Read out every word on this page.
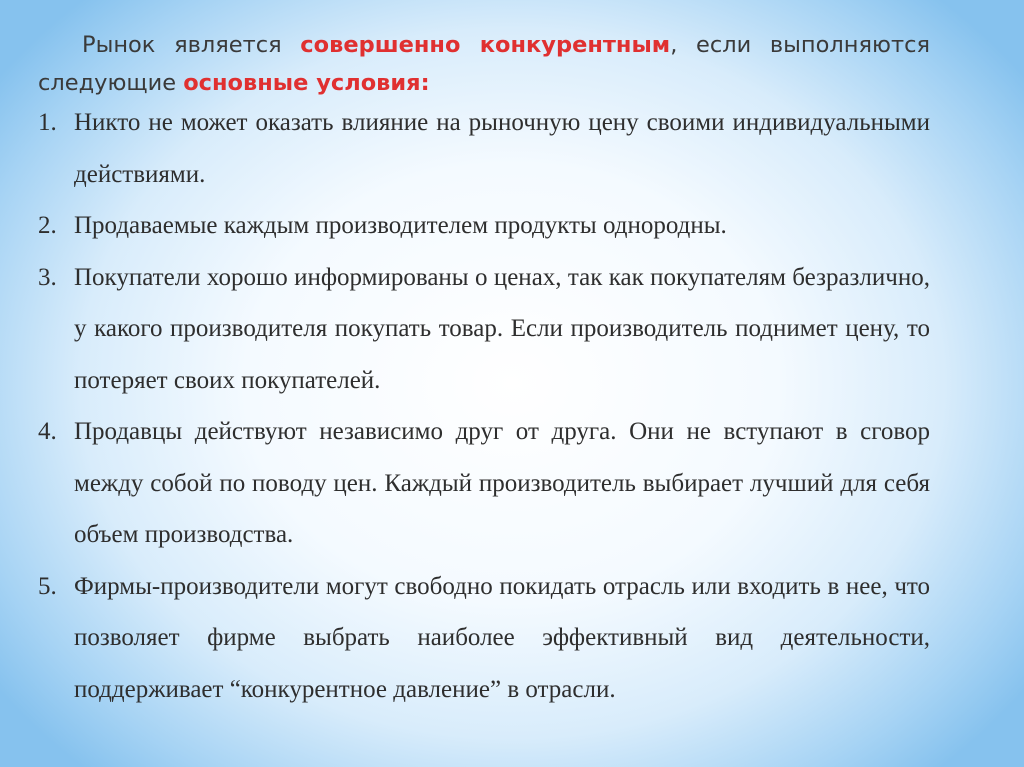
Рынок является совершенно конкурентным, если выполняются следующие основные условия:

1. Никто не может оказать влияние на рыночную цену своими индивидуальными действиями.
2. Продаваемые каждым производителем продукты однородны.
3. Покупатели хорошо информированы о ценах, так как покупателям безразлично, у какого производителя покупать товар. Если производитель поднимет цену, то потеряет своих покупателей.
4. Продавцы действуют независимо друг от друга. Они не вступают в сговор между собой по поводу цен. Каждый производитель выбирает лучший для себя объем производства.
5. Фирмы-производители могут свободно покидать отрасль или входить в нее, что позволяет фирме выбрать наиболее эффективный вид деятельности, поддерживает “конкурентное давление” в отрасли.
